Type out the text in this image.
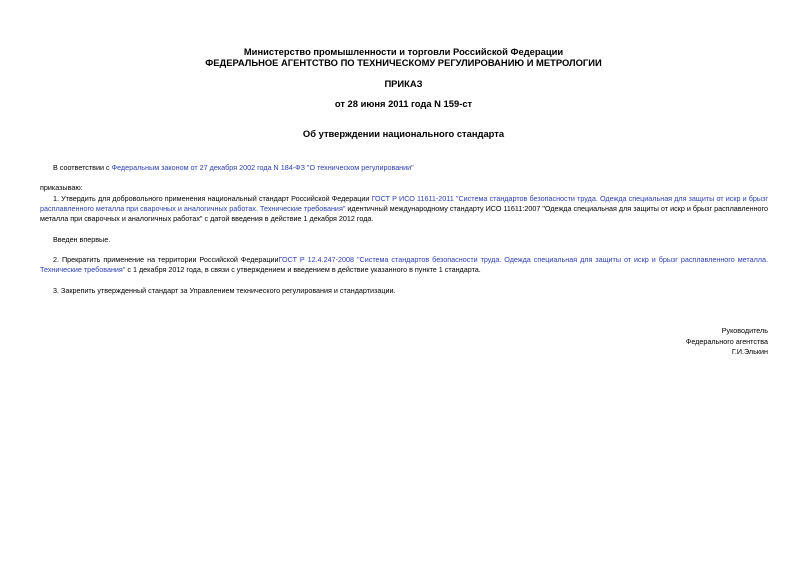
Министерство промышленности и торговли Российской Федерации
ФЕДЕРАЛЬНОЕ АГЕНТСТВО ПО ТЕХНИЧЕСКОМУ РЕГУЛИРОВАНИЮ И МЕТРОЛОГИИ
ПРИКАЗ
от 28 июня 2011 года N 159-ст
Об утверждении национального стандарта
В соответствии с Федеральным законом от 27 декабря 2002 года N 184-ФЗ "О техническом регулировании"
приказываю:
1. Утвердить для добровольного применения национальный стандарт Российской Федерации ГОСТ Р ИСО 11611-2011 "Система стандартов безопасности труда. Одежда специальная для защиты от искр и брызг расплавленного металла при сварочных и аналогичных работах. Технические требования" идентичный международному стандарту ИСО 11611:2007 "Одежда специальная для защиты от искр и брызг расплавленного металла при сварочных и аналогичных работах" с датой введения в действие 1 декабря 2012 года.
Введен впервые.
2. Прекратить применение на территории Российской ФедерацииГОСТ Р 12.4.247-2008 "Система стандартов безопасности труда. Одежда специальная для защиты от искр и брызг расплавленного металла. Технические требования" с 1 декабря 2012 года, в связи с утверждением и введением в действие указанного в пункте 1 стандарта.
3. Закрепить утвержденный стандарт за Управлением технического регулирования и стандартизации.
Руководитель
Федерального агентства
Г.И.Элькин
